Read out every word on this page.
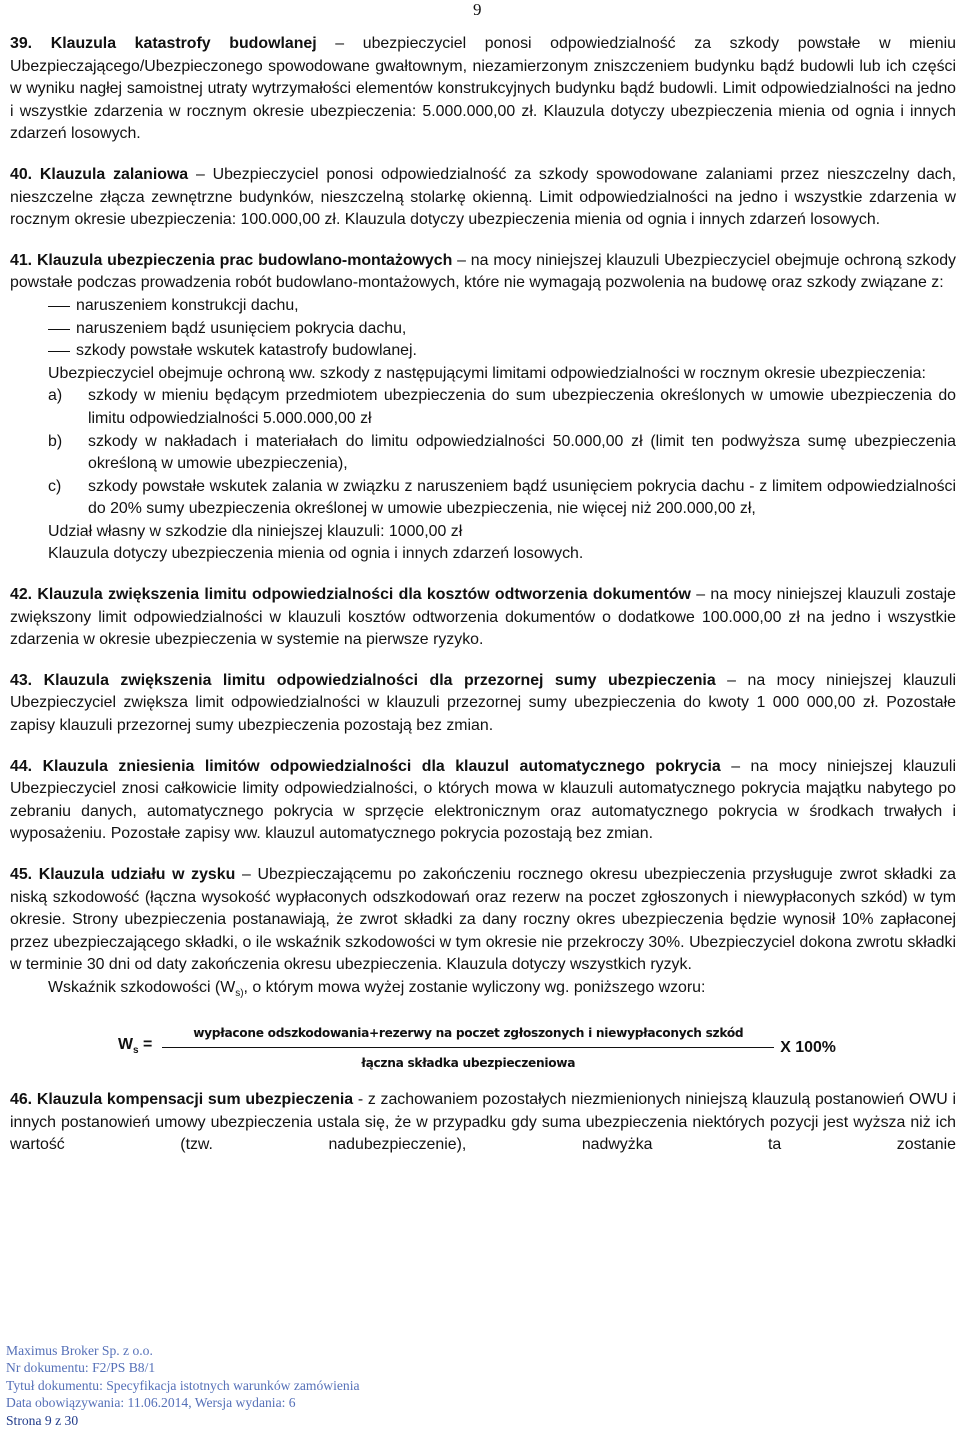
9

39. Klauzula katastrofy budowlanej – ubezpieczyciel ponosi odpowiedzialność za szkody powstałe w mieniu Ubezpieczającego/Ubezpieczonego spowodowane gwałtownym, niezamierzonym zniszczeniem budynku bądź budowli lub ich części w wyniku nagłej samoistnej utraty wytrzymałości elementów konstrukcyjnych budynku bądź budowli. Limit odpowiedzialności na jedno i wszystkie zdarzenia w rocznym okresie ubezpieczenia: 5.000.000,00 zł. Klauzula dotyczy ubezpieczenia mienia od ognia i innych zdarzeń losowych.

40. Klauzula zalaniowa – Ubezpieczyciel ponosi odpowiedzialność za szkody spowodowane zalaniami przez nieszczelny dach, nieszczelne złącza zewnętrzne budynków, nieszczelną stolarkę okienną. Limit odpowiedzialności na jedno i wszystkie zdarzenia w rocznym okresie ubezpieczenia: 100.000,00 zł. Klauzula dotyczy ubezpieczenia mienia od ognia i innych zdarzeń losowych.

41. Klauzula ubezpieczenia prac budowlano-montażowych – na mocy niniejszej klauzuli Ubezpieczyciel obejmuje ochroną szkody powstałe podczas prowadzenia robót budowlano-montażowych, które nie wymagają pozwolenia na budowę oraz szkody związane z:

naruszeniem konstrukcji dachu,
naruszeniem bądź usunięciem pokrycia dachu,
szkody powstałe wskutek katastrofy budowlanej.

Ubezpieczyciel obejmuje ochroną ww. szkody z następującymi limitami odpowiedzialności w rocznym okresie ubezpieczenia:

a) szkody w mieniu będącym przedmiotem ubezpieczenia do sum ubezpieczenia określonych w umowie ubezpieczenia do limitu odpowiedzialności 5.000.000,00 zł
b) szkody w nakładach i materiałach do limitu odpowiedzialności 50.000,00 zł (limit ten podwyższa sumę ubezpieczenia określoną w umowie ubezpieczenia),
c) szkody powstałe wskutek zalania w związku z naruszeniem bądź usunięciem pokrycia dachu - z limitem odpowiedzialności do 20% sumy ubezpieczenia określonej w umowie ubezpieczenia, nie więcej niż 200.000,00 zł,

Udział własny w szkodzie dla niniejszej klauzuli: 1000,00 zł

Klauzula dotyczy ubezpieczenia mienia od ognia i innych zdarzeń losowych.

42. Klauzula zwiększenia limitu odpowiedzialności dla kosztów odtworzenia dokumentów – na mocy niniejszej klauzuli zostaje zwiększony limit odpowiedzialności w klauzuli kosztów odtworzenia dokumentów o dodatkowe 100.000,00 zł na jedno i wszystkie zdarzenia w okresie ubezpieczenia w systemie na pierwsze ryzyko.

43. Klauzula zwiększenia limitu odpowiedzialności dla przezornej sumy ubezpieczenia – na mocy niniejszej klauzuli Ubezpieczyciel zwiększa limit odpowiedzialności w klauzuli przezornej sumy ubezpieczenia do kwoty 1 000 000,00 zł. Pozostałe zapisy klauzuli przezornej sumy ubezpieczenia pozostają bez zmian.

44. Klauzula zniesienia limitów odpowiedzialności dla klauzul automatycznego pokrycia – na mocy niniejszej klauzuli Ubezpieczyciel znosi całkowicie limity odpowiedzialności, o których mowa w klauzuli automatycznego pokrycia majątku nabytego po zebraniu danych, automatycznego pokrycia w sprzęcie elektronicznym oraz automatycznego pokrycia w środkach trwałych i wyposażeniu. Pozostałe zapisy ww. klauzul automatycznego pokrycia pozostają bez zmian.

45. Klauzula udziału w zysku – Ubezpieczającemu po zakończeniu rocznego okresu ubezpieczenia przysługuje zwrot składki za niską szkodowość (łączna wysokość wypłaconych odszkodowań oraz rezerw na poczet zgłoszonych i niewypłaconych szkód) w tym okresie. Strony ubezpieczenia postanawiają, że zwrot składki za dany roczny okres ubezpieczenia będzie wynosił 10% zapłaconej przez ubezpieczającego składki, o ile wskaźnik szkodowości w tym okresie nie przekroczy 30%. Ubezpieczyciel dokona zwrotu składki w terminie 30 dni od daty zakończenia okresu ubezpieczenia. Klauzula dotyczy wszystkich ryzyk.

Wskaźnik szkodowości ($W_{s)}$, o którym mowa wyżej zostanie wyliczony wg. poniższego wzoru:

$W_s$ =
wypłacone odszkodowania+rezerwy na poczet zgłoszonych i niewypłaconych szkód
łączna składka ubezpieczeniowa
X 100%

46. Klauzula kompensacji sum ubezpieczenia - z zachowaniem pozostałych niezmienionych niniejszą klauzulą postanowień OWU i innych postanowień umowy ubezpieczenia ustala się, że w przypadku gdy suma ubezpieczenia niektórych pozycji jest wyższa niż ich wartość (tzw. nadubezpieczenie), nadwyżka ta zostanie

Maximus Broker Sp. z o.o.
Nr dokumentu: F2/PS B8/1
Tytuł dokumentu: Specyfikacja istotnych warunków zamówienia
Data obowiązywania: 11.06.2014, Wersja wydania: 6
Strona 9 z 30
